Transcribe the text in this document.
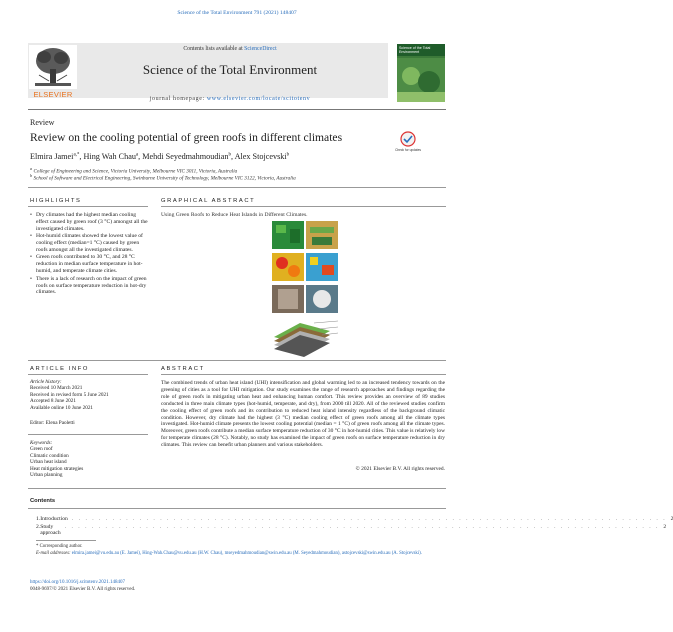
Science of the Total Environment 791 (2021) 148407
ELSEVIER
Contents lists available at ScienceDirect
Science of the Total Environment
journal homepage: www.elsevier.com/locate/scitotenv
Science of the Total Environment
Review
Review on the cooling potential of green roofs in different climates
Check for updates
Elmira Jamei$^{a,*}$, Hing Wah Chau$^a$, Mehdi Seyedmahmoudian$^b$, Alex Stojcevski$^b$
$^a$ College of Engineering and Science, Victoria University, Melbourne VIC 3011, Victoria, Australia
$^b$ School of Software and Electrical Engineering, Swinburne University of Technology, Melbourne VIC 3122, Victoria, Australia
HIGHLIGHTS
• Dry climates had the highest median cooling effect caused by green roof (3 °C) amongst all the investigated climates.
• Hot-humid climates showed the lowest value of cooling effect (median=1 °C) caused by green roofs amongst all the investigated climates.
• Green roofs contributed to 30 °C, and 28 °C reduction in median surface temperature in hot-humid, and temperate climate cities.
• There is a lack of research on the impact of green roofs on surface temperature reduction in hot-dry climates.
GRAPHICAL ABSTRACT
Using Green Roofs to Reduce Heat Islands in Different Climates.
ARTICLE INFO
Article history:
Received 10 March 2021
Received in revised form 5 June 2021
Accepted 8 June 2021
Available online 10 June 2021
Editor: Elena Paoletti
Keywords:
Green roof
Climatic condition
Urban heat island
Heat mitigation strategies
Urban planning
ABSTRACT
The combined trends of urban heat island (UHI) intensification and global warming led to an increased tendency towards on the greening of cities as a tool for UHI mitigation. Our study examines the range of research approaches and findings regarding the role of green roofs in mitigating urban heat and enhancing human comfort. This review provides an overview of 89 studies conducted in three main climate types (hot-humid, temperate, and dry), from 2000 till 2020. All of the reviewed studies confirm the cooling effect of green roofs and its contribution to reduced heat island intensity regardless of the background climatic condition. However, dry climate had the highest (3 °C) median cooling effect of green roofs among all the climate types investigated. Hot-humid climate presents the lowest cooling potential (median = 1 °C) of green roofs among all the climate types. Moreover, green roofs contribute a median surface temperature reduction of 30 °C in hot-humid cities. This value is relatively low for temperate climates (28 °C). Notably, no study has examined the impact of green roofs on surface temperature reduction in dry climates. This review can benefit urban planners and various stakeholders.
© 2021 Elsevier B.V. All rights reserved.
Contents
1. Introduction . . . . . . . . . . . . . . . . . . . . . . . . . . . . . . . . . . . . . . . . . . . . . . . . . . . . . . . . . . . . . . . . . . . . . . . . . . . . . . . . . . . . . . . . 2
2. Study approach
. . . . . . . . . . . . . . . . . . . . . . . . . . . . . . . . . . . . . . . . . . . . . . . . . . . . . . . . . . . . . . . . . . . . . . . . . . . . . . . . . . . . . . . . 2
* Corresponding author.
E-mail addresses: elmira.jamei@vu.edu.au (E. Jamei), Hing-Wah.Chau@vu.edu.au (H.W. Chau), mseyedmahmoudian@swin.edu.au (M. Seyedmahmoudian), astojcevski@swin.edu.au (A. Stojcevski).
https://doi.org/10.1016/j.scitotenv.2021.148407
0048-9697/© 2021 Elsevier B.V. All rights reserved.
